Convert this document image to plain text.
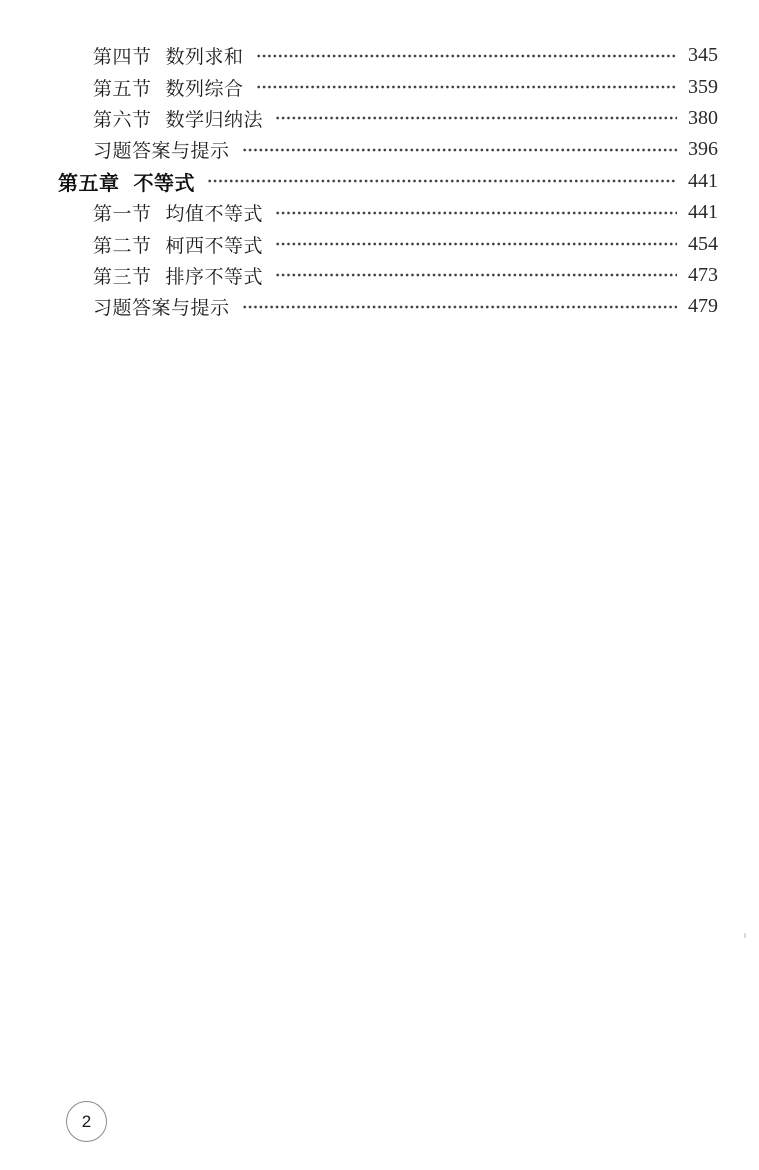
第四节 数列求和	345
第五节 数列综合	359
第六节 数学归纳法	380
习题答案与提示	396
第五章 不等式	441
第一节 均值不等式	441
第二节 柯西不等式	454
第三节 排序不等式	473
习题答案与提示	479
2
